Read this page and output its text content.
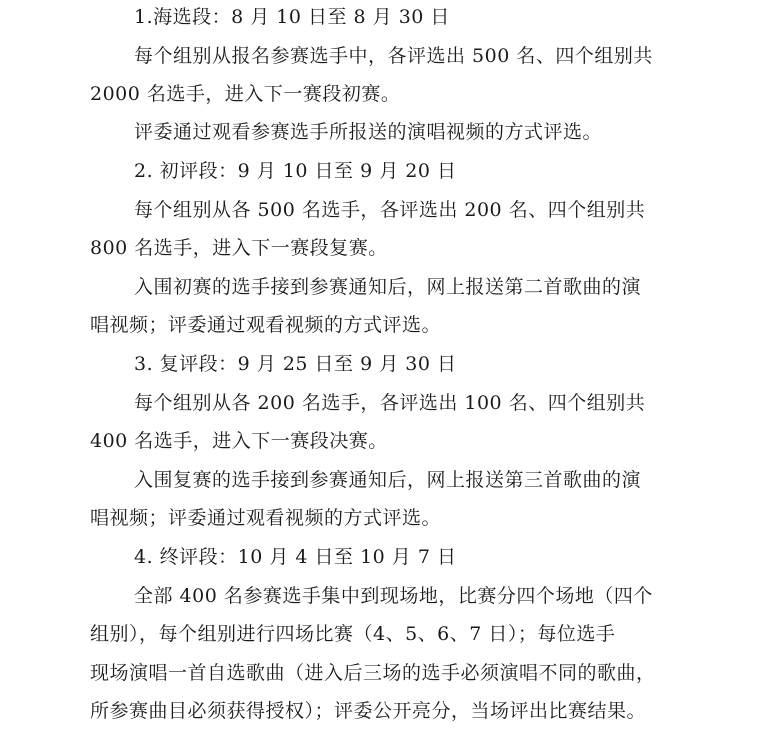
1.海选段：8 月 10 日至 8 月 30 日
每个组别从报名参赛选手中，各评选出 500 名、四个组别共
2000 名选手，进入下一赛段初赛。
评委通过观看参赛选手所报送的演唱视频的方式评选。
2. 初评段：9 月 10 日至 9 月 20 日
每个组别从各 500 名选手，各评选出 200 名、四个组别共
800 名选手，进入下一赛段复赛。
入围初赛的选手接到参赛通知后，网上报送第二首歌曲的演
唱视频；评委通过观看视频的方式评选。
3. 复评段：9 月 25 日至 9 月 30 日
每个组别从各 200 名选手，各评选出 100 名、四个组别共
400 名选手，进入下一赛段决赛。
入围复赛的选手接到参赛通知后，网上报送第三首歌曲的演
唱视频；评委通过观看视频的方式评选。
4. 终评段：10 月 4 日至 10 月 7 日
全部 400 名参赛选手集中到现场地，比赛分四个场地（四个
组别），每个组别进行四场比赛（4、5、6、7 日）；每位选手
现场演唱一首自选歌曲（进入后三场的选手必须演唱不同的歌曲，
所参赛曲目必须获得授权）；评委公开亮分，当场评出比赛结果。
